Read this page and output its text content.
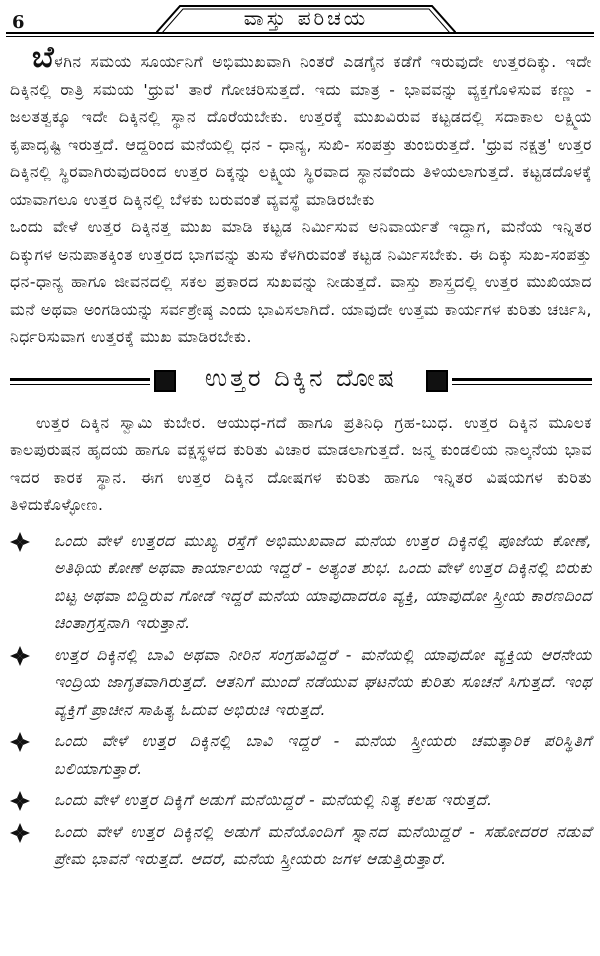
6	ವಾಸ್ತು ಪರಿಚಯ

ಬೆಳಗಿನ ಸಮಯ ಸೂರ್ಯನಿಗೆ ಅಭಿಮುಖವಾಗಿ ನಿಂತರೆ ಎಡಗೈನ ಕಡೆಗೆ ಇರುವುದೇ ಉತ್ತರದಿಕ್ಕು. ಇದೇ ದಿಕ್ಕಿನಲ್ಲಿ ರಾತ್ರಿ ಸಮಯ 'ಧ್ರುವ' ತಾರೆ ಗೋಚರಿಸುತ್ತದೆ. ಇದು ಮಾತ್ರ - ಭಾವವನ್ನು ವ್ಯಕ್ತಗೊಳಿಸುವ ಕಣ್ಣು - ಜಲತತ್ವಕ್ಕೂ ಇದೇ ದಿಕ್ಕಿನಲ್ಲಿ ಸ್ಥಾನ ದೊರೆಯಬೇಕು. ಉತ್ತರಕ್ಕೆ ಮುಖವಿರುವ ಕಟ್ಟಡದಲ್ಲಿ ಸದಾಕಾಲ ಲಕ್ಷ್ಮಿಯ ಕೃಪಾದೃಷ್ಟಿ ಇರುತ್ತದೆ. ಆದ್ದರಿಂದ ಮನೆಯಲ್ಲಿ ಧನ - ಧಾನ್ಯ, ಸುಖಿ- ಸಂಪತ್ತು ತುಂಬಿರುತ್ತದೆ. 'ಧ್ರುವ ನಕ್ಷತ್ರ' ಉತ್ತರ ದಿಕ್ಕಿನಲ್ಲಿ ಸ್ಥಿರವಾಗಿರುವುದರಿಂದ ಉತ್ತರ ದಿಕ್ಕನ್ನು ಲಕ್ಷ್ಮಿಯ ಸ್ಥಿರವಾದ ಸ್ಥಾನವೆಂದು ತಿಳಿಯಲಾಗುತ್ತದೆ. ಕಟ್ಟಡದೊಳಕ್ಕೆ ಯಾವಾಗಲೂ ಉತ್ತರ ದಿಕ್ಕಿನಲ್ಲಿ ಬೆಳಕು ಬರುವಂತೆ ವ್ಯವಸ್ಥೆ ಮಾಡಿರಬೇಕು

ಒಂದು ವೇಳೆ ಉತ್ತರ ದಿಕ್ಕಿನತ್ತ ಮುಖ ಮಾಡಿ ಕಟ್ಟಡ ನಿರ್ಮಿಸುವ ಅನಿವಾರ್ಯತೆ ಇದ್ದಾಗ, ಮನೆಯ ಇನ್ನಿತರ ದಿಕ್ಕುಗಳ ಅನುಪಾತಕ್ಕಿಂತ ಉತ್ತರದ ಭಾಗವನ್ನು ತುಸು ಕೆಳಗಿರುವಂತೆ ಕಟ್ಟಡ ನಿರ್ಮಿಸಬೇಕು. ಈ ದಿಕ್ಕು ಸುಖ-ಸಂಪತ್ತು ಧನ-ಧಾನ್ಯ ಹಾಗೂ ಜೀವನದಲ್ಲಿ ಸಕಲ ಪ್ರಕಾರದ ಸುಖವನ್ನು ನೀಡುತ್ತದೆ. ವಾಸ್ತು ಶಾಸ್ತ್ರದಲ್ಲಿ ಉತ್ತರ ಮುಖಿಯಾದ ಮನೆ ಅಥವಾ ಅಂಗಡಿಯನ್ನು ಸರ್ವಶ್ರೇಷ್ಠ ಎಂದು ಭಾವಿಸಲಾಗಿದೆ. ಯಾವುದೇ ಉತ್ತಮ ಕಾರ್ಯಗಳ ಕುರಿತು ಚರ್ಚಿಸಿ, ನಿರ್ಧರಿಸುವಾಗ ಉತ್ತರಕ್ಕೆ ಮುಖ ಮಾಡಿರಬೇಕು.

ಉತ್ತರ ದಿಕ್ಕಿನ ದೋಷ

ಉತ್ತರ ದಿಕ್ಕಿನ ಸ್ವಾಮಿ ಕುಬೇರ. ಆಯುಧ-ಗದೆ ಹಾಗೂ ಪ್ರತಿನಿಧಿ ಗ್ರಹ-ಬುಧ. ಉತ್ತರ ದಿಕ್ಕಿನ ಮೂಲಕ ಕಾಲಪುರುಷನ ಹೃದಯ ಹಾಗೂ ವಕ್ಷಸ್ಥಳದ ಕುರಿತು ವಿಚಾರ ಮಾಡಲಾಗುತ್ತದೆ. ಜನ್ಮ ಕುಂಡಲಿಯ ನಾಲ್ಕನೆಯ ಭಾವ ಇದರ ಕಾರಕ ಸ್ಥಾನ. ಈಗ ಉತ್ತರ ದಿಕ್ಕಿನ ದೋಷಗಳ ಕುರಿತು ಹಾಗೂ ಇನ್ನಿತರ ವಿಷಯಗಳ ಕುರಿತು ತಿಳಿದುಕೊಳ್ಳೋಣ.

ಒಂದು ವೇಳೆ ಉತ್ತರದ ಮುಖ್ಯ ರಸ್ತೆಗೆ ಅಭಿಮುಖವಾದ ಮನೆಯ ಉತ್ತರ ದಿಕ್ಕಿನಲ್ಲಿ ಪೂಜೆಯ ಕೋಣೆ, ಅತಿಥಿಯ ಕೋಣೆ ಅಥವಾ ಕಾರ್ಯಾಲಯ ಇದ್ದರೆ - ಅತ್ಯಂತ ಶುಭ. ಒಂದು ವೇಳೆ ಉತ್ತರ ದಿಕ್ಕಿನಲ್ಲಿ ಬಿರುಕು ಬಿಟ್ಟ ಅಥವಾ ಬಿದ್ದಿರುವ ಗೋಡೆ ಇದ್ದರೆ ಮನೆಯ ಯಾವುದಾದರೂ ವ್ಯಕ್ತಿ, ಯಾವುದೋ ಸ್ತ್ರೀಯ ಕಾರಣದಿಂದ ಚಿಂತಾಗ್ರಸ್ತನಾಗಿ ಇರುತ್ತಾನೆ.
ಉತ್ತರ ದಿಕ್ಕಿನಲ್ಲಿ ಬಾವಿ ಅಥವಾ ನೀರಿನ ಸಂಗ್ರಹವಿದ್ದರೆ - ಮನೆಯಲ್ಲಿ ಯಾವುದೋ ವ್ಯಕ್ತಿಯ ಆರನೇಯ ಇಂದ್ರಿಯ ಜಾಗೃತವಾಗಿರುತ್ತದೆ. ಆತನಿಗೆ ಮುಂದೆ ನಡೆಯುವ ಘಟನೆಯ ಕುರಿತು ಸೂಚನೆ ಸಿಗುತ್ತದೆ. ಇಂಥ ವ್ಯಕ್ತಿಗೆ ಪ್ರಾಚೀನ ಸಾಹಿತ್ಯ ಓದುವ ಅಭಿರುಚಿ ಇರುತ್ತದೆ.
ಒಂದು ವೇಳೆ ಉತ್ತರ ದಿಕ್ಕಿನಲ್ಲಿ ಬಾವಿ ಇದ್ದರೆ - ಮನೆಯ ಸ್ತ್ರೀಯರು ಚಮತ್ಕಾರಿಕ ಪರಿಸ್ಥಿತಿಗೆ ಬಲಿಯಾಗುತ್ತಾರೆ.
ಒಂದು ವೇಳೆ ಉತ್ತರ ದಿಕ್ಕಿಗೆ ಅಡುಗೆ ಮನೆಯಿದ್ದರೆ - ಮನೆಯಲ್ಲಿ ನಿತ್ಯ ಕಲಹ ಇರುತ್ತದೆ.
ಒಂದು ವೇಳೆ ಉತ್ತರ ದಿಕ್ಕಿನಲ್ಲಿ ಅಡುಗೆ ಮನೆಯೊಂದಿಗೆ ಸ್ನಾನದ ಮನೆಯಿದ್ದರೆ - ಸಹೋದರರ ನಡುವೆ ಪ್ರೇಮ ಭಾವನೆ ಇರುತ್ತದೆ. ಆದರೆ, ಮನೆಯ ಸ್ತ್ರೀಯರು ಜಗಳ ಆಡುತ್ತಿರುತ್ತಾರೆ.
